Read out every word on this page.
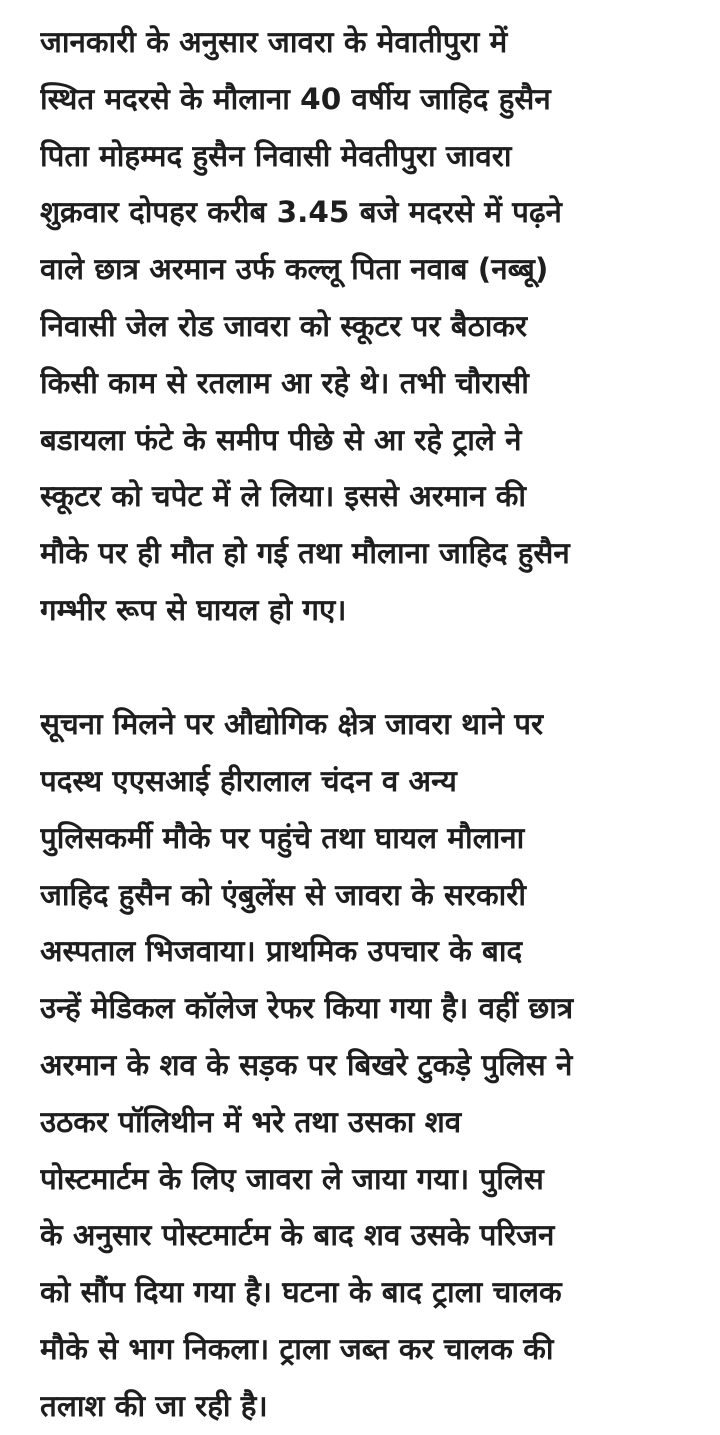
जानकारी के अनुसार जावरा के मेवातीपुरा में
स्थित मदरसे के मौलाना 40 वर्षीय जाहिद हुसैन
पिता मोहम्मद हुसैन निवासी मेवतीपुरा जावरा
शुक्रवार दोपहर करीब 3.45 बजे मदरसे में पढ़ने
वाले छात्र अरमान उर्फ कल्लू पिता नवाब (नब्बू)
निवासी जेल रोड जावरा को स्कूटर पर बैठाकर
किसी काम से रतलाम आ रहे थे। तभी चौरासी
बडायला फंटे के समीप पीछे से आ रहे ट्राले ने
स्कूटर को चपेट में ले लिया। इससे अरमान की
मौके पर ही मौत हो गई तथा मौलाना जाहिद हुसैन
गम्भीर रूप से घायल हो गए।
सूचना मिलने पर औद्योगिक क्षेत्र जावरा थाने पर
पदस्थ एएसआई हीरालाल चंदन व अन्य
पुलिसकर्मी मौके पर पहुंचे तथा घायल मौलाना
जाहिद हुसैन को एंबुलेंस से जावरा के सरकारी
अस्पताल भिजवाया। प्राथमिक उपचार के बाद
उन्हें मेडिकल कॉलेज रेफर किया गया है। वहीं छात्र
अरमान के शव के सड़क पर बिखरे टुकड़े पुलिस ने
उठकर पॉलिथीन में भरे तथा उसका शव
पोस्टमार्टम के लिए जावरा ले जाया गया। पुलिस
के अनुसार पोस्टमार्टम के बाद शव उसके परिजन
को सौंप दिया गया है। घटना के बाद ट्राला चालक
मौके से भाग निकला। ट्राला जब्त कर चालक की
तलाश की जा रही है।
